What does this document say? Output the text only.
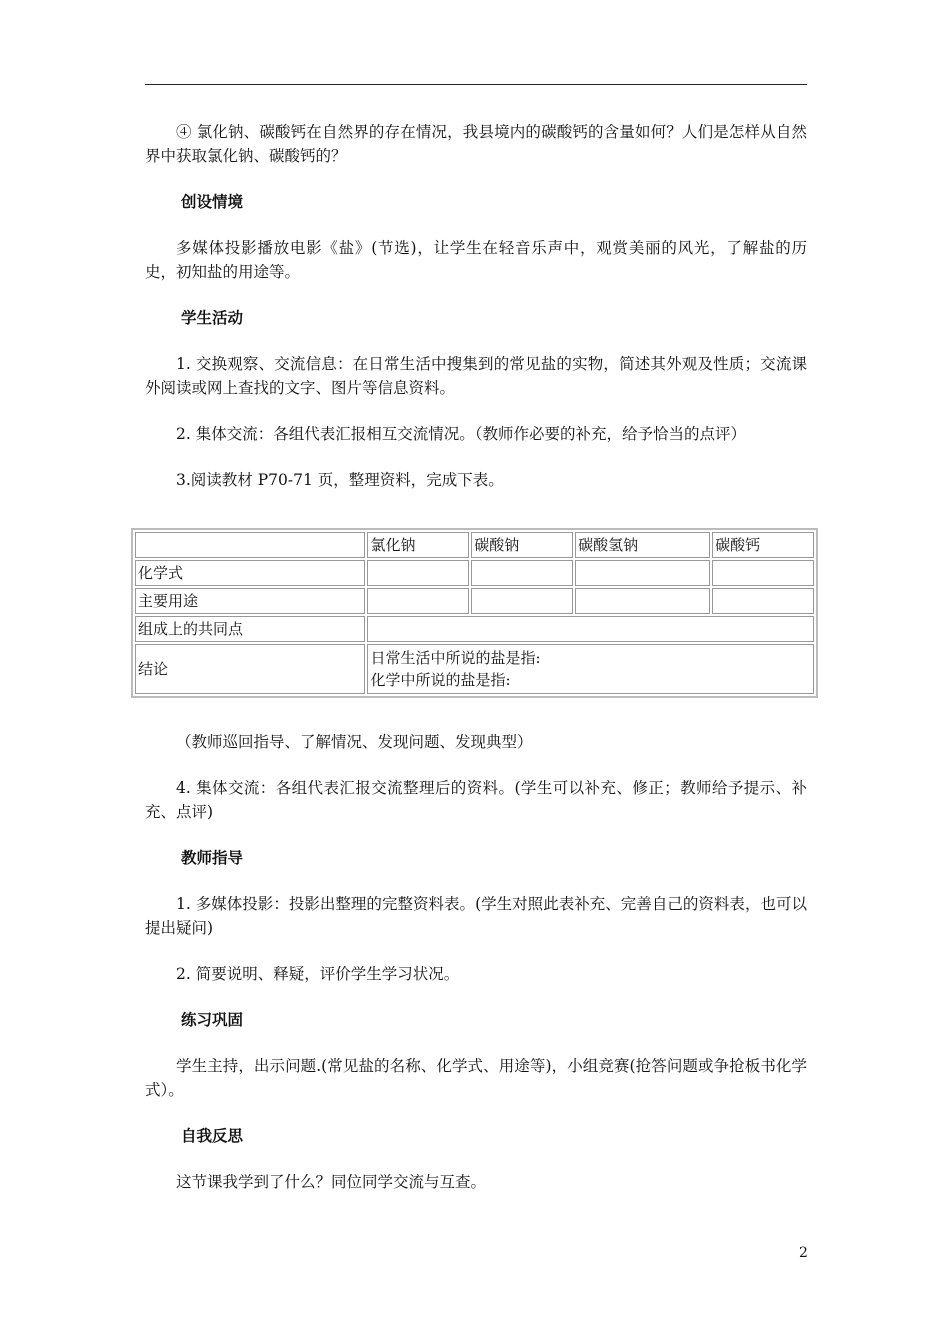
④ 氯化钠、碳酸钙在自然界的存在情况，我县境内的碳酸钙的含量如何？人们是怎样从自然界中获取氯化钠、碳酸钙的？

创设情境

多媒体投影播放电影《盐》(节选)，让学生在轻音乐声中，观赏美丽的风光，了解盐的历史，初知盐的用途等。

学生活动

1. 交换观察、交流信息：在日常生活中搜集到的常见盐的实物，简述其外观及性质；交流课外阅读或网上查找的文字、图片等信息资料。

2. 集体交流：各组代表汇报相互交流情况。（教师作必要的补充，给予恰当的点评）

3.阅读教材 P70-71 页，整理资料，完成下表。

	氯化钠	碳酸钠	碳酸氢钠	碳酸钙
化学式				
主要用途				
组成上的共同点				
结论	日常生活中所说的盐是指:
化学中所说的盐是指:			

（教师巡回指导、了解情况、发现问题、发现典型）

4. 集体交流：各组代表汇报交流整理后的资料。(学生可以补充、修正；教师给予提示、补充、点评)

教师指导

1. 多媒体投影：投影出整理的完整资料表。(学生对照此表补充、完善自己的资料表，也可以提出疑问)

2. 简要说明、释疑，评价学生学习状况。

练习巩固

学生主持，出示问题.(常见盐的名称、化学式、用途等)，小组竞赛(抢答问题或争抢板书化学式）。

自我反思

这节课我学到了什么？同位同学交流与互查。

2
